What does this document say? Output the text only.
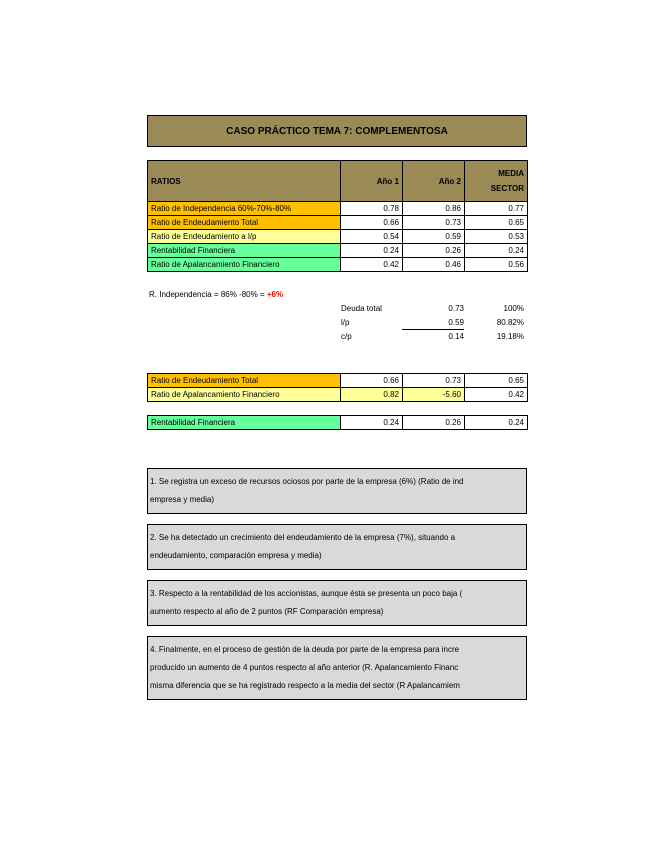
CASO PRÁCTICO TEMA 7: COMPLEMENTOSA
RATIOS	Año 1	Año 2	MEDIA
SECTOR
Ratio de Independencia 60%-70%-80%	0.78	0.86	0.77
Ratio de Endeudamiento Total	0.66	0.73	0.65
Ratio de Endeudamiento a l/p	0.54	0.59	0.53
Rentabilidad Financiera	0.24	0.26	0.24
Ratio de Apalancamiento Financiero	0.42	0.46	0.56
R. Independencia = 86% -80% = +6%
Deuda total	0.73	100%
l/p	0.59	80.82%
c/p	0.14	19.18%
Ratio de Endeudamiento Total	0.66	0.73	0.65
Ratio de Apalancamiento Financiero	0.82	-5.60	0.42
Rentabilidad Financiera	0.24	0.26	0.24
1. Se registra un exceso de recursos ociosos por parte de la empresa (6%) (Ratio de ind
empresa y media)
2. Se ha detectado un crecimiento del endeudamiento de la empresa (7%), situando a
endeudamiento, comparación empresa y media)
3. Respecto a la rentabilidad de los accionistas, aunque ésta se presenta un poco baja (
aumento respecto al año de 2 puntos (RF Comparación empresa)
4. Finalmente, en el proceso de gestión de la deuda por parte de la empresa para incre
producido un aumento de 4 puntos respecto al año anterior (R. Apalancamiento Financ
misma diferencia que se ha registrado respecto a la media del sector (R Apalancamiem
